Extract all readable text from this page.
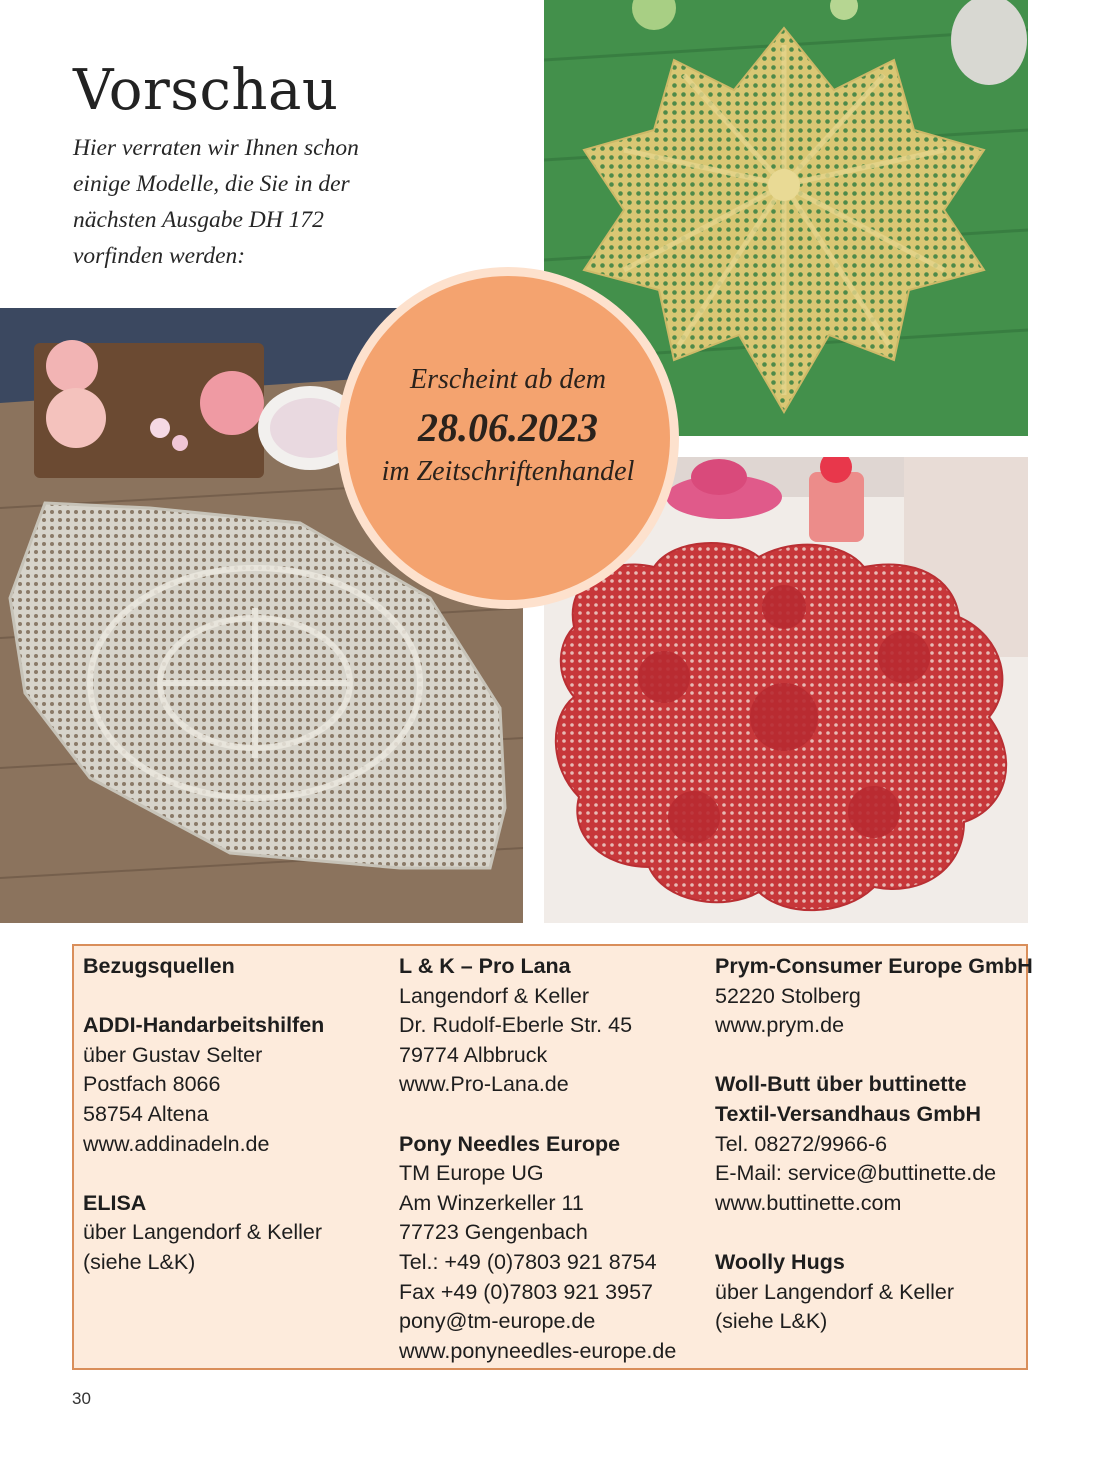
Vorschau
Hier verraten wir Ihnen schon einige Modelle, die Sie in der nächsten Ausgabe DH 172 vorfinden werden:
Erscheint ab dem
28.06.2023
im Zeitschriftenhandel
Bezugsquellen
ADDI-Handarbeitshilfen
über Gustav Selter
Postfach 8066
58754 Altena
www.addinadeln.de
ELISA
über Langendorf & Keller
(siehe L&K)
L & K – Pro Lana
Langendorf & Keller
Dr. Rudolf-Eberle Str. 45
79774 Albbruck
www.Pro-Lana.de
Pony Needles Europe
TM Europe UG
Am Winzerkeller 11
77723 Gengenbach
Tel.: +49 (0)7803 921 8754
Fax +49 (0)7803 921 3957
pony@tm-europe.de
www.ponyneedles-europe.de
Prym-Consumer Europe GmbH
52220 Stolberg
www.prym.de
Woll-Butt über buttinette
Textil-Versandhaus GmbH
Tel. 08272/9966-6
E-Mail: service@buttinette.de
www.buttinette.com
Woolly Hugs
über Langendorf & Keller
(siehe L&K)
30
